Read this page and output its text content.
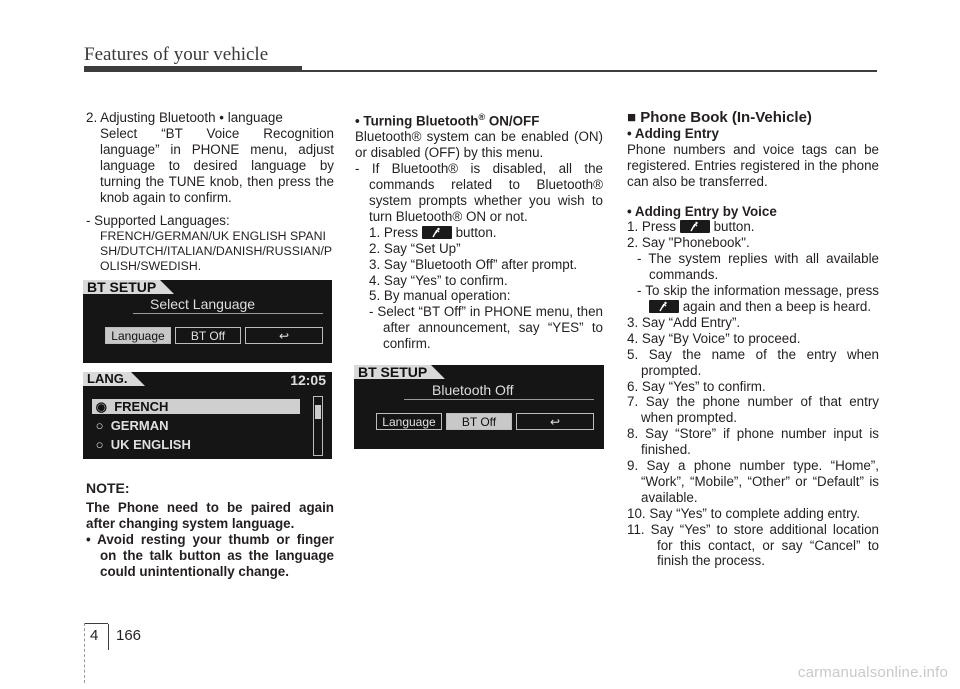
Features of your vehicle

2. Adjusting Bluetooth • language

Select “BT Voice Recognition language” in PHONE menu, adjust language to desired language by turning the TUNE knob, then press the knob again to confirm.

- Supported Languages:

FRENCH/GERMAN/UK ENGLISH SPANISH/DUTCH/ITALIAN/DANISH/RUSSIAN/POLISH/SWEDISH.

BT SETUP
Select Language
Language	BT Off	↩
LANG.	12:05
◉  FRENCH
○  GERMAN
○  UK ENGLISH

NOTE:

The Phone need to be paired again after changing system language.

• Avoid resting your thumb or finger on the talk button as the language could unintentionally change.

• Turning Bluetooth® ON/OFF

Bluetooth® system can be enabled (ON) or disabled (OFF) by this menu.

- If Bluetooth® is disabled, all the commands related to Bluetooth® system prompts whether you wish to turn Bluetooth® ON or not.

1. Press	button.

2. Say “Set Up”

3. Say “Bluetooth Off” after prompt.

4. Say “Yes” to confirm.

5. By manual operation:

- Select “BT Off” in PHONE menu, then after announcement, say “YES” to confirm.

BT SETUP
Bluetooth Off
Language	BT Off	↩

■ Phone Book (In-Vehicle)

• Adding Entry

Phone numbers and voice tags can be registered. Entries registered in the phone can also be transferred.

• Adding Entry by Voice

1. Press	button.

2. Say "Phonebook".

- The system replies with all available commands.

- To skip the information message, press
again and then a beep is heard.

3. Say “Add Entry”.

4. Say “By Voice” to proceed.

5. Say the name of the entry when prompted.

6. Say “Yes” to confirm.

7. Say the phone number of that entry when prompted.

8. Say “Store” if phone number input is finished.

9. Say a phone number type. “Home”, “Work”, “Mobile”, “Other” or “Default” is available.

10. Say “Yes” to complete adding entry.

11. Say “Yes” to store additional location for this contact, or say “Cancel” to finish the process.

4 166
carmanualsonline.info
